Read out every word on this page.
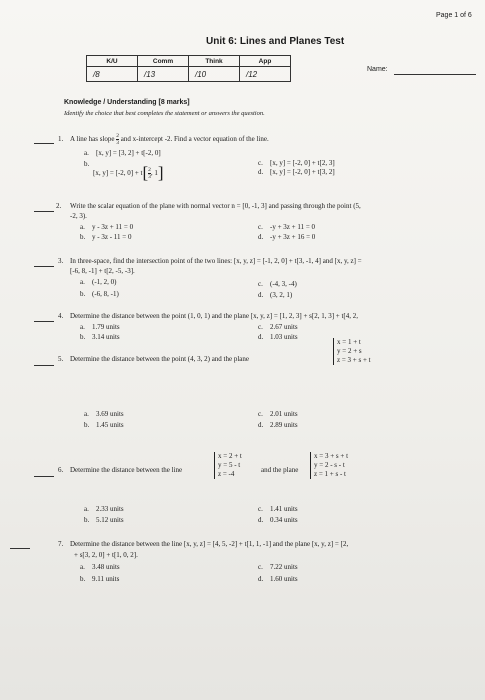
Page 1 of 6
Unit 6: Lines and Planes Test
K/U	Comm	Think	App
/8	/13	/10	/12	Name:
Knowledge / Understanding [8 marks]
Identify the choice that best completes the statement or answers the question.
1. A line has slope $\frac{2}{3}$ and x-intercept -2. Find a vector equation of the line.
a. [x, y] = [3, 2] + t[-2, 0]
b.
[x, y] = [-2, $0] + t[ \frac{2}{3}$ , 1]
c. [x, y] = [-2, 0] + t[2, 3]
d. [x, y] = [-2, 0] + t[3, 2]
2. Write the scalar equation of the plane with normal vector n = [0, -1, 3] and passing through the point (5,
-2, 3).
a. y - 3z + 11 = 0
b. y - 3z - 11 = 0
c. -y + 3z + 11 = 0
d. -y + 3z + 16 = 0
3. In three-space, find the intersection point of the two lines: [x, y, z] = [-1, 2, 0] + t[3, -1, 4] and [x, y, z] =
[-6, 8, -1] + t[2, -5, -3].
a. (-1, 2, 0)
b. (-6, 8, -1)
c. (-4, 3, -4)
d. (3, 2, 1)
4. Determine the distance between the point (1, 0, 1) and the plane [x, y, z] = [1, 2, 3] + s[2, 1, 3] + t[4, 2,
a. 1.79 units
b. 3.14 units
c. 2.67 units
d. 1.03 units
5. Determine the distance between the point (4, 3, 2) and the plane
x = 1 + t
y = 2 + s
z = 3 + s + t
a. 3.69 units
b. 1.45 units
c. 2.01 units
d. 2.89 units
6. Determine the distance between the line
x = 2 + t
y = 5 - t
z = -4	and the plane
x = 3 + s + t
y = 2 - s - t
z = 1 + s - t
a. 2.33 units
b. 5.12 units
c. 1.41 units
d. 0.34 units
7. Determine the distance between the line [x, y, z] = [4, 5, -2] + t[1, 1, -1] and the plane [x, y, z] = [2,
+ s[3, 2, 0] + t[1, 0, 2].
a. 3.48 units
b. 9.11 units
c. 7.22 units
d. 1.60 units
